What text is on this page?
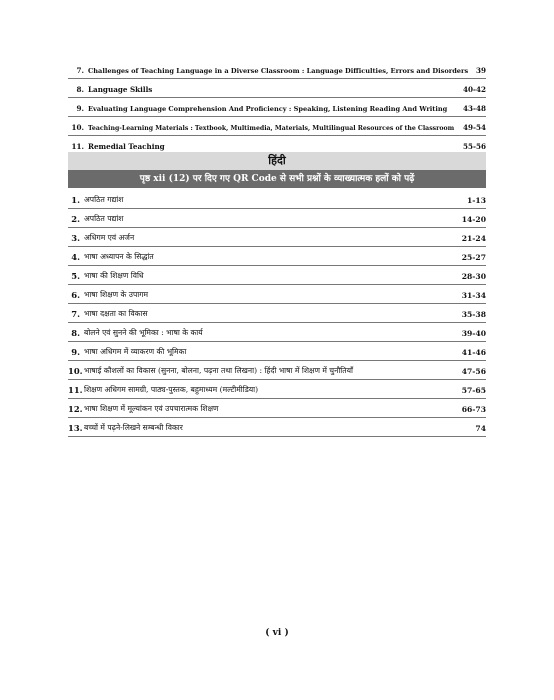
7. Challenges of Teaching Language in a Diverse Classroom : Language Difficulties, Errors and Disorders	39
8. Language Skills	40-42
9. Evaluating Language Comprehension And Proficiency : Speaking, Listening Reading And Writing	43-48
10. Teaching-Learning Materials : Textbook, Multimedia, Materials, Multilingual Resources of the Classroom	49-54
11. Remedial Teaching	55-56
हिंदी
पृष्ठ xii (12) पर दिए गए QR Code से सभी प्रश्नों के व्याख्यात्मक हलों को पढ़ें
1. अपठित गद्यांश	1-13
2. अपठित पद्यांश	14-20
3. अधिगम एवं अर्जन	21-24
4. भाषा अध्यापन के सिद्धांत	25-27
5. भाषा की शिक्षण विधि	28-30
6. भाषा शिक्षण के उपागम	31-34
7. भाषा दक्षता का विकास	35-38
8. बोलने एवं सुनने की भूमिका : भाषा के कार्य	39-40
9. भाषा अधिगम में व्याकरण की भूमिका	41-46
10. भाषाई कौशलों का विकास (सुनना, बोलना, पढ़ना तथा लिखना) : हिंदी भाषा में शिक्षण में चुनौतियाँ	47-56
11. शिक्षण अधिगम सामग्री, पाठ्य-पुस्तक, बहुमाध्यम (मल्टीमीडिया)	57-65
12. भाषा शिक्षण में मूल्यांकन एवं उपचारात्मक शिक्षण	66-73
13. बच्चों में पढ़ने-लिखने सम्बन्धी विकार	74
( vi )
